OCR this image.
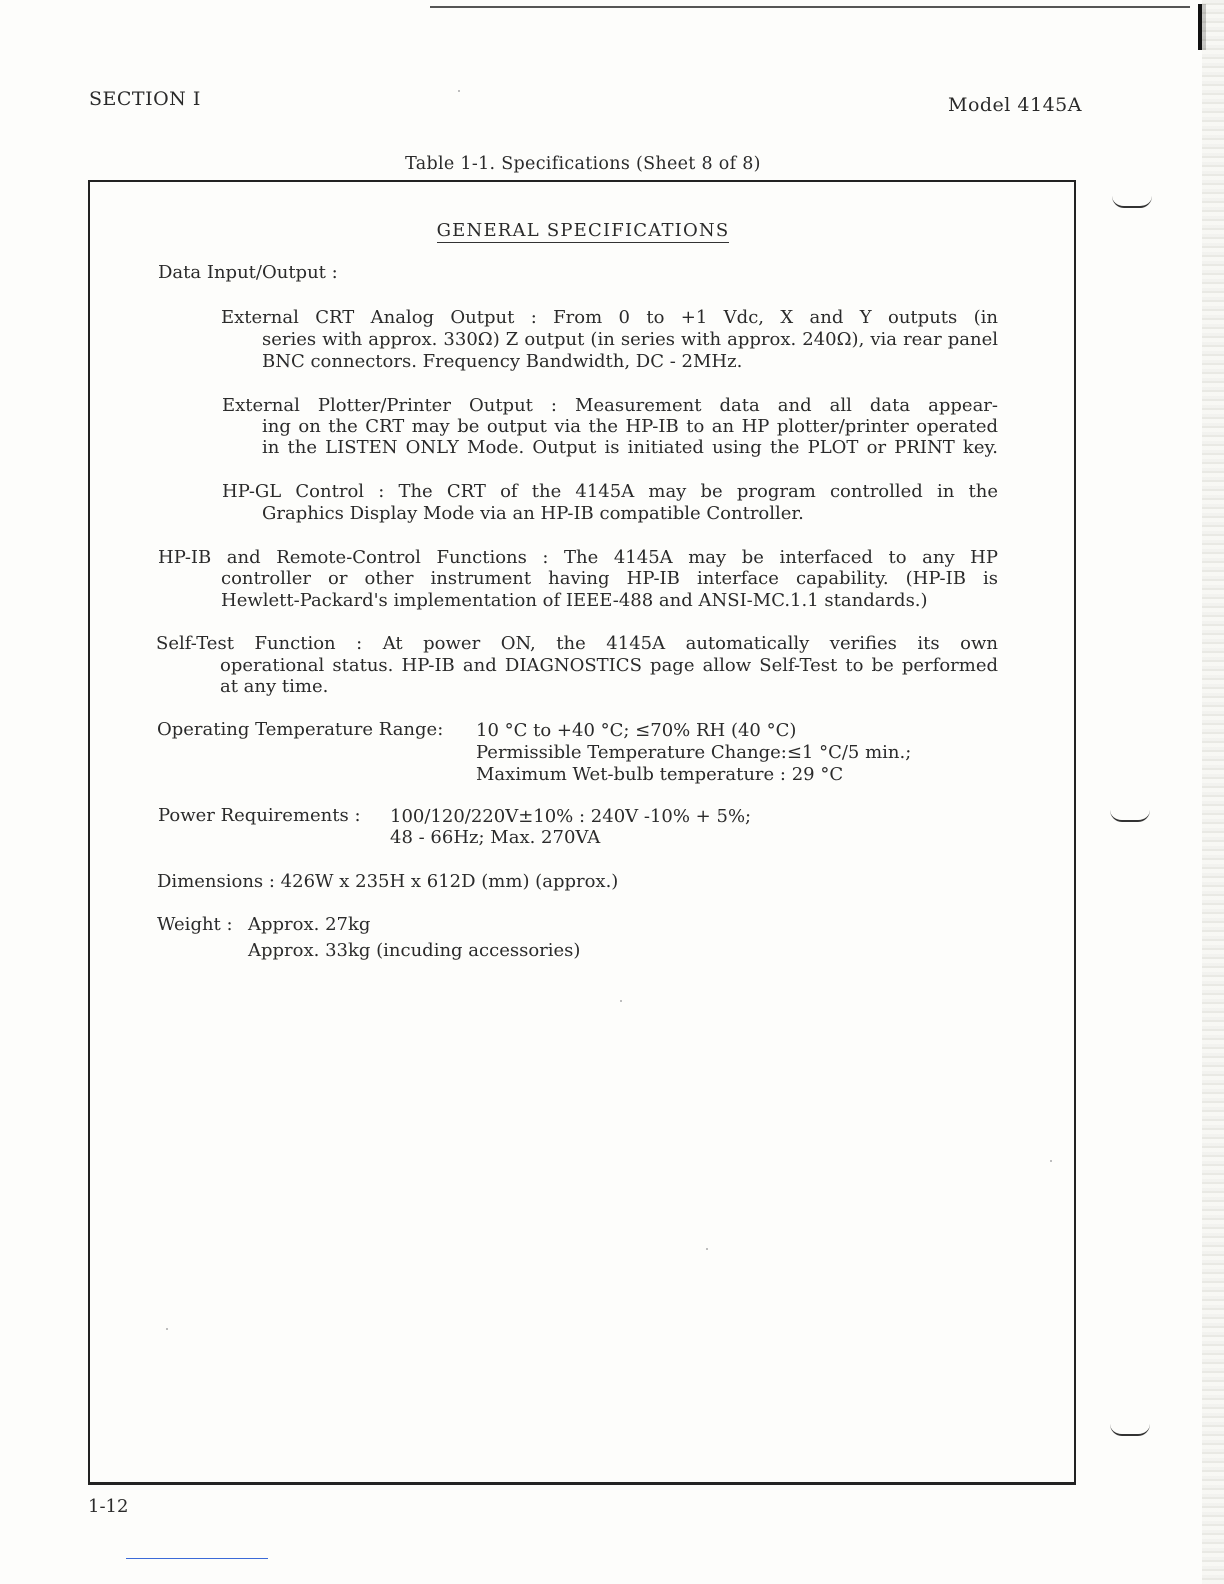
SECTION I	Model 4145A
Table 1-1. Specifications (Sheet 8 of 8)
GENERAL SPECIFICATIONS
Data Input/Output :
External CRT Analog Output : From 0 to +1 Vdc, X and Y outputs (in
series with approx. 330Ω) Z output (in series with approx. 240Ω), via rear panel
BNC connectors. Frequency Bandwidth, DC - 2MHz.
External Plotter/Printer Output : Measurement data and all data appear-
ing on the CRT may be output via the HP-IB to an HP plotter/printer operated
in the LISTEN ONLY Mode. Output is initiated using the PLOT or PRINT key.
HP-GL Control : The CRT of the 4145A may be program controlled in the
Graphics Display Mode via an HP-IB compatible Controller.
HP-IB and Remote-Control Functions : The 4145A may be interfaced to any HP
controller or other instrument having HP-IB interface capability. (HP-IB is
Hewlett-Packard's implementation of IEEE-488 and ANSI-MC.1.1 standards.)
Self-Test Function : At power ON, the 4145A automatically verifies its own
operational status. HP-IB and DIAGNOSTICS page allow Self-Test to be performed
at any time.
Operating Temperature Range: 10 °C to +40 °C; ≤70% RH (40 °C)
Permissible Temperature Change:≤1 °C/5 min.;
Maximum Wet-bulb temperature : 29 °C
Power Requirements : 100/120/220V±10% : 240V -10% + 5%;
48 - 66Hz; Max. 270VA
Dimensions : 426W x 235H x 612D (mm) (approx.)
Weight : Approx. 27kg
Approx. 33kg (incuding accessories)
1-12
